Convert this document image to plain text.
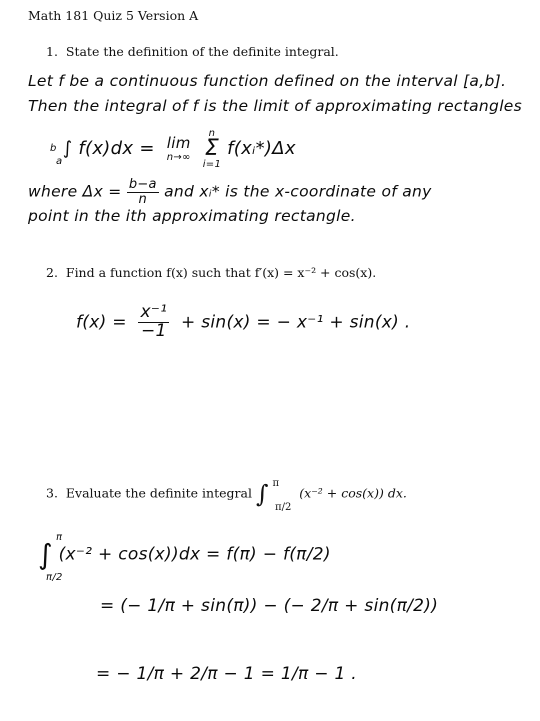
Math 181 Quiz 5 Version A
1. State the definition of the definite integral.
Let f be a continuous function defined on the interval [a,b].
Then the integral of f is the limit of approximating rectangles
b ∫ f(x)dx = lim
n→∞

n
Σ
i=1
f(xᵢ*)Δx
a
where $\Delta x = \frac{b-a}{n}$ and xᵢ* is the x-coordinate of any
point in the ith approximating rectangle.
2. Find a function f(x) such that f′(x) = x⁻² + cos(x).
$f(x) = \frac{\text{x⁻¹}}{-1} + \sin(x)$ = − x⁻¹ + sin(x) .
3. Evaluate the definite integral ∫ $^\pi$ $_{\pi/2}$  (x⁻² + cos(x)) dx.
∫ (x⁻² + cos(x))dx = f(π) − f(π/2)
π
π/2
= (− 1/π + sin(π)) − (− 2/π + sin(π/2))
= − 1/π + 2/π − 1 = 1/π − 1 .
